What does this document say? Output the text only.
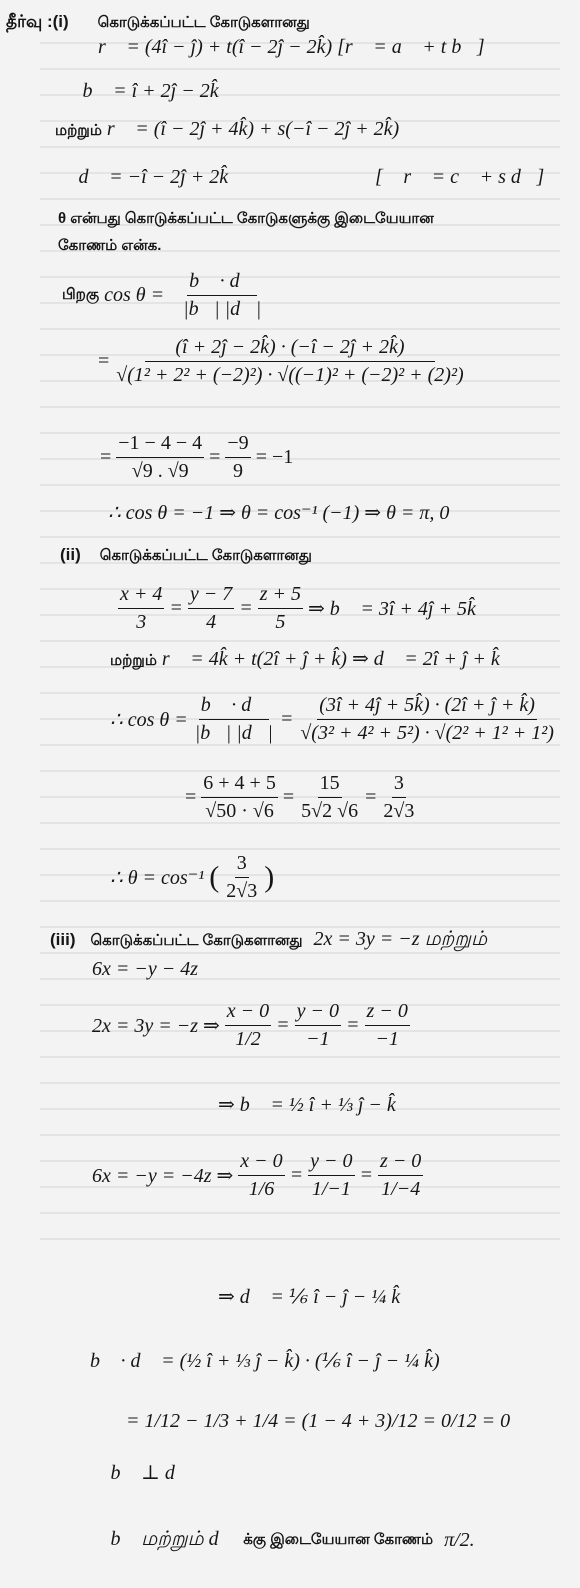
தீர்வு :(i) கொடுக்கப்பட்ட கோடுகளானது
r⃗ = (4î − ĵ) + t(î − 2ĵ − 2k̂) [r⃗ = a⃗ + t b⃗]
∴ b⃗ = î + 2ĵ − 2k̂
மற்றும் r⃗ = (î − 2ĵ + 4k̂) + s(−î − 2ĵ + 2k̂)
∴ d⃗ = −î − 2ĵ + 2k̂	[∵ r⃗ = c⃗ + s d⃗]
θ என்பது கொடுக்கப்பட்ட கோடுகளுக்கு இடையேயான
கோணம் என்க.
பிறகு $\cos \theta = \frac{b⃗ \cdot d⃗}{|b⃗| |d⃗|}$
= $\frac{(î + 2ĵ - 2k̂) \cdot (-î - 2ĵ + 2k̂)}{\text{√(1² + 2² + (−2)²) · √((−1)² + (−2)² + (2)²)}}$
= $\frac{-1 - 4 - 4}{√9 . √9} = \frac{-9}{9} = -1$
∴ cos θ = −1 ⇒ θ = cos⁻¹ (−1) ⇒ θ = π, 0
(ii) கொடுக்கப்பட்ட கோடுகளானது
$\frac{x + 4}{3} = \frac{y - 7}{4} = \frac{z + 5}{5}$ ⇒ b⃗ = 3î + 4ĵ + 5k̂
மற்றும் r⃗ = 4k̂ + t(2î + ĵ + k̂) ⇒ d⃗ = 2î + ĵ + k̂
∴ $\cos \theta = \frac{b⃗ \cdot d⃗}{|b⃗| |d⃗|} = \frac{(3î + 4ĵ + 5k̂) \cdot (2î + ĵ + k̂)}{\text{√(3² + 4² + 5²) · √(2² + 1² + 1²)}}$
= $\frac{6 + 4 + 5}{√50 \cdot √6} = \frac{15}{5√2 √6} = \frac{3}{2√3}$
∴ θ = cos⁻¹ ( $\frac{3}{2√3}$ )
(iii) கொடுக்கப்பட்ட கோடுகளானது 2x = 3y = −z மற்றும்
6x = −y − 4z
2x = 3y = −z ⇒ $\frac{x - 0}{1/2} = \frac{y - 0}{-1} = \frac{z - 0}{-1}$
⇒ b⃗ = ½ î + ⅓ ĵ − k̂
6x = −y = −4z ⇒ $\frac{x - 0}{1/6} = \frac{y - 0}{1/-1} = \frac{z - 0}{1/-4}$
⇒ d⃗ = ⅙ î − ĵ − ¼ k̂
b⃗ · d⃗ = (½ î + ⅓ ĵ − k̂) · (⅙ î − ĵ − ¼ k̂)
= 1/12 − 1/3 + 1/4 = (1 − 4 + 3)/12 = 0/12 = 0
∴ b⃗ ⊥ d⃗
∴ b⃗ மற்றும் d⃗ க்கு இடையேயான கோணம் π/2.
